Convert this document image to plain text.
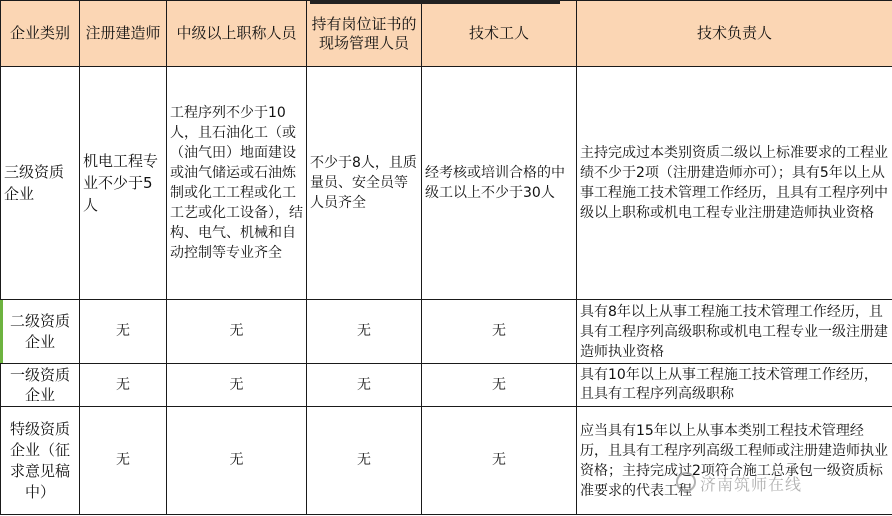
企业类别	注册建造师	中级以上职称人员	持有岗位证书的现场管理人员	技术工人	技术负责人
三级资质企业	机电工程专业不少于5人	工程序列不少于10人，且石油化工（或（油气田）地面建设或油气储运或石油炼制或化工工程或化工工艺或化工设备），结构、电气、机械和自动控制等专业齐全	不少于8人，且质量员、安全员等人员齐全	经考核或培训合格的中级工以上不少于30人	主持完成过本类别资质二级以上标准要求的工程业绩不少于2项（注册建造师亦可）；具有5年以上从事工程施工技术管理工作经历，且具有工程序列中级以上职称或机电工程专业注册建造师执业资格
二级资质企业	无	无	无	无	具有8年以上从事工程施工技术管理工作经历，且具有工程序列高级职称或机电工程专业一级注册建造师执业资格
一级资质企业	无	无	无	无	具有10年以上从事工程施工技术管理工作经历，且具有工程序列高级职称
特级资质企业（征求意见稿中）	无	无	无	无	应当具有15年以上从事本类别工程技术管理经历，且具有工程序列高级工程师或注册建造师执业资格；主持完成过2项符合施工总承包一级资质标准要求的代表工程 济南筑师在线
